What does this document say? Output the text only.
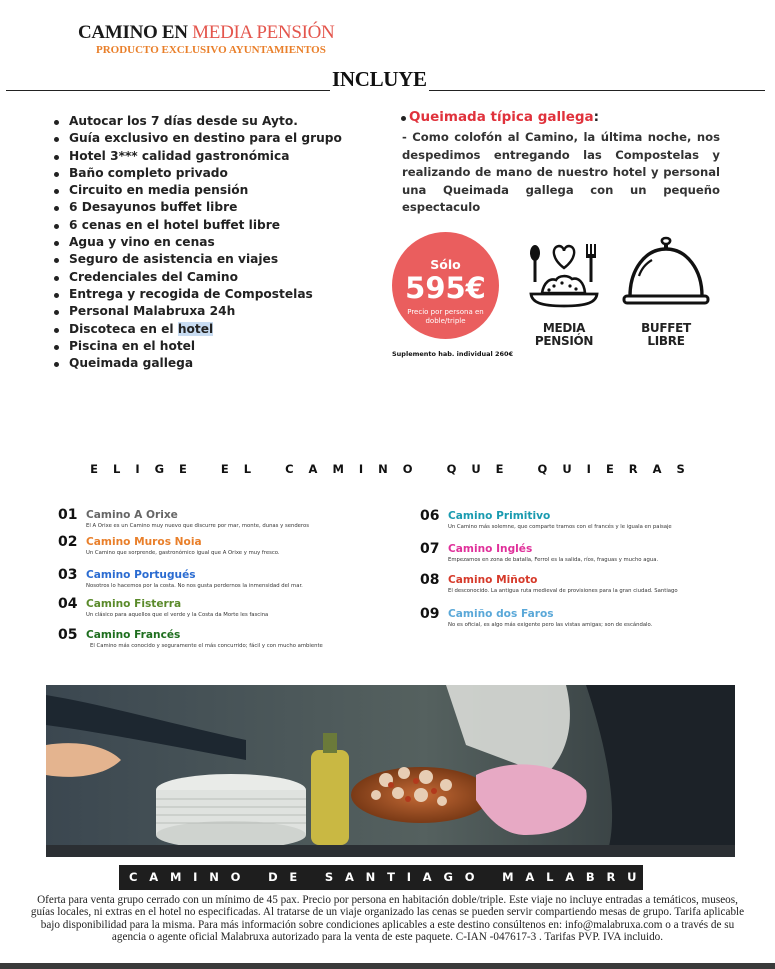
CAMINO EN MEDIA PENSIÓN
PRODUCTO EXCLUSIVO AYUNTAMIENTOS
INCLUYE
Autocar los 7 días desde su Ayto.
Guía exclusivo en destino para el grupo
Hotel 3*** calidad gastronómica
Baño completo privado
Circuito en media pensión
6 Desayunos buffet libre
6 cenas en el hotel buffet libre
Agua y vino en cenas
Seguro de asistencia en viajes
Credenciales del Camino
Entrega y recogida de Compostelas
Personal Malabruxa 24h
Discoteca en el hotel
Piscina en el hotel
Queimada gallega
Queimada típica gallega:
- Como colofón al Camino, la última noche, nos despedimos entregando las Compostelas y realizando de mano de nuestro hotel y personal una Queimada gallega con un pequeño espectaculo
Sólo
595€
Precio por persona en doble/triple
Suplemento hab. individual 260€
MEDIA
PENSIÓN
BUFFET
LIBRE
ELIGE EL CAMINO QUE QUIERAS
01 Camino A Orixe
El A Orixe es un Camino muy nuevo que discurre por mar, monte, dunas y senderos
02 Camino Muros Noia
Un Camino que sorprende, gastronómico igual que A Orixe y muy fresco.
03 Camino Portugués
Nosotros lo hacemos por la costa. No nos gusta perdernos la inmensidad del mar.
04 Camino Fisterra
Un clásico para aquellos que el verde y la Costa da Morte les fascina
05 Camino Francés
El Camino más conocido y seguramente el más concurrido; fácil y con mucho ambiente
06 Camino Primitivo
Un Camino más solemne, que comparte tramos con el francés y le iguala en paisaje
07 Camino Inglés
Empezamos en zona de batalla, Ferrol es la salida, ríos, fraguas y mucho agua.
08 Camino Miñoto
El desconocido. La antigua ruta medieval de provisiones para la gran ciudad. Santiago
09 Camiño dos Faros
No es oficial, es algo más exigente pero las vistas amigas; son de escándalo.
CAMINO DE SANTIAGO MALABRUXA
Oferta para venta grupo cerrado con un mínimo de 45 pax. Precio por persona en habitación doble/triple. Este viaje no incluye entradas a temáticos, museos, guías locales, ni extras en el hotel no especificadas. Al tratarse de un viaje organizado las cenas se pueden servir compartiendo mesas de grupo. Tarifa aplicable bajo disponibilidad para la misma. Para más información sobre condiciones aplicables a este destino consúltenos en: info@malabruxa.com o a través de su agencia o agente oficial Malabruxa autorizado para la venta de este paquete. C-IAN -047617-3 . Tarifas PVP. IVA incluido.
